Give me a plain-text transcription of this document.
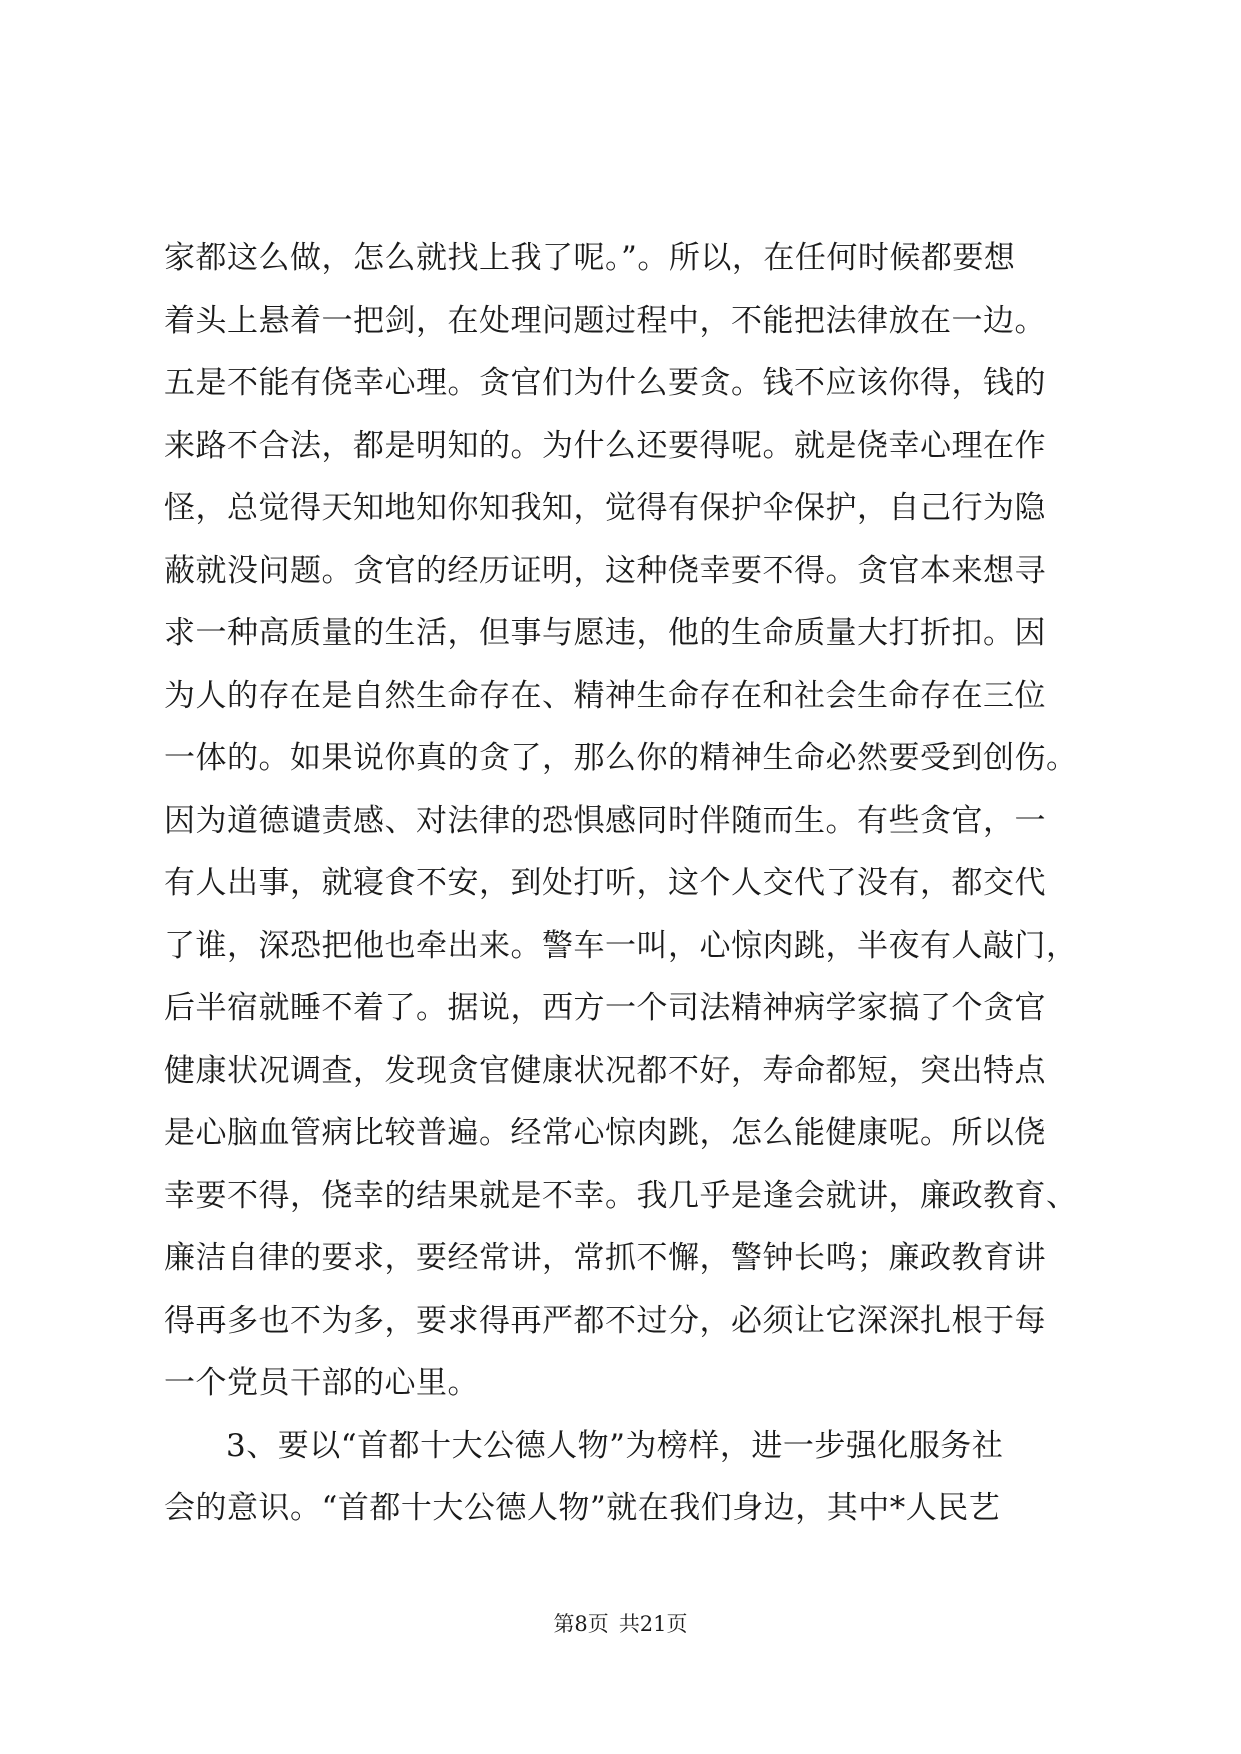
家都这么做，怎么就找上我了呢。”。所以，在任何时候都要想
着头上悬着一把剑，在处理问题过程中，不能把法律放在一边。
五是不能有侥幸心理。贪官们为什么要贪。钱不应该你得，钱的
来路不合法，都是明知的。为什么还要得呢。就是侥幸心理在作
怪，总觉得天知地知你知我知，觉得有保护伞保护，自己行为隐
蔽就没问题。贪官的经历证明，这种侥幸要不得。贪官本来想寻
求一种高质量的生活，但事与愿违，他的生命质量大打折扣。因
为人的存在是自然生命存在、精神生命存在和社会生命存在三位
一体的。如果说你真的贪了，那么你的精神生命必然要受到创伤。
因为道德谴责感、对法律的恐惧感同时伴随而生。有些贪官，一
有人出事，就寝食不安，到处打听，这个人交代了没有，都交代
了谁，深恐把他也牵出来。警车一叫，心惊肉跳，半夜有人敲门，
后半宿就睡不着了。据说，西方一个司法精神病学家搞了个贪官
健康状况调查，发现贪官健康状况都不好，寿命都短，突出特点
是心脑血管病比较普遍。经常心惊肉跳，怎么能健康呢。所以侥
幸要不得，侥幸的结果就是不幸。我几乎是逢会就讲，廉政教育、
廉洁自律的要求，要经常讲，常抓不懈，警钟长鸣；廉政教育讲
得再多也不为多，要求得再严都不过分，必须让它深深扎根于每
一个党员干部的心里。
3、要以“首都十大公德人物”为榜样，进一步强化服务社
会的意识。“首都十大公德人物”就在我们身边，其中*人民艺
第8页 共21页
